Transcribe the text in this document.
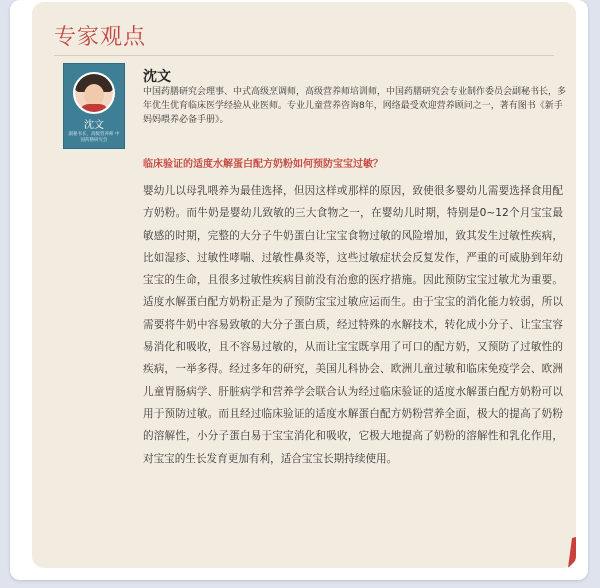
专家观点
沈文
副秘书长，高级营养师 中国药膳研究会
沈文
中国药膳研究会理事、中式高级烹调师，高级营养师培训师，中国药膳研究会专业制作委员会副秘书长，多年优生优育临床医学经验从业医师。专业儿童营养咨询8年，网络最受欢迎营养顾问之一，著有图书《新手妈妈喂养必备手册》。
临床验证的适度水解蛋白配方奶粉如何预防宝宝过敏？

婴幼儿以母乳喂养为最佳选择，但因这样或那样的原因，致使很多婴幼儿需要选择食用配方奶粉。而牛奶是婴幼儿致敏的三大食物之一，在婴幼儿时期，特别是0~12个月宝宝最敏感的时期，完整的大分子牛奶蛋白让宝宝食物过敏的风险增加，致其发生过敏性疾病，比如湿疹、过敏性哮喘、过敏性鼻炎等，这些过敏症状会反复发作，严重的可威胁到年幼宝宝的生命，且很多过敏性疾病目前没有治愈的医疗措施。因此预防宝宝过敏尤为重要。适度水解蛋白配方奶粉正是为了预防宝宝过敏应运而生。由于宝宝的消化能力较弱，所以需要将牛奶中容易致敏的大分子蛋白质，经过特殊的水解技术，转化成小分子、让宝宝容易消化和吸收，且不容易过敏的，从而让宝宝既享用了可口的配方奶，又预防了过敏性的疾病，一举多得。经过多年的研究，美国儿科协会、欧洲儿童过敏和临床免疫学会、欧洲儿童胃肠病学、肝脏病学和营养学会联合认为经过临床验证的适度水解蛋白配方奶粉可以用于预防过敏。而且经过临床验证的适度水解蛋白配方奶粉营养全面，极大的提高了奶粉的溶解性，小分子蛋白易于宝宝消化和吸收，它极大地提高了奶粉的溶解性和乳化作用，对宝宝的生长发育更加有利，适合宝宝长期持续使用。
